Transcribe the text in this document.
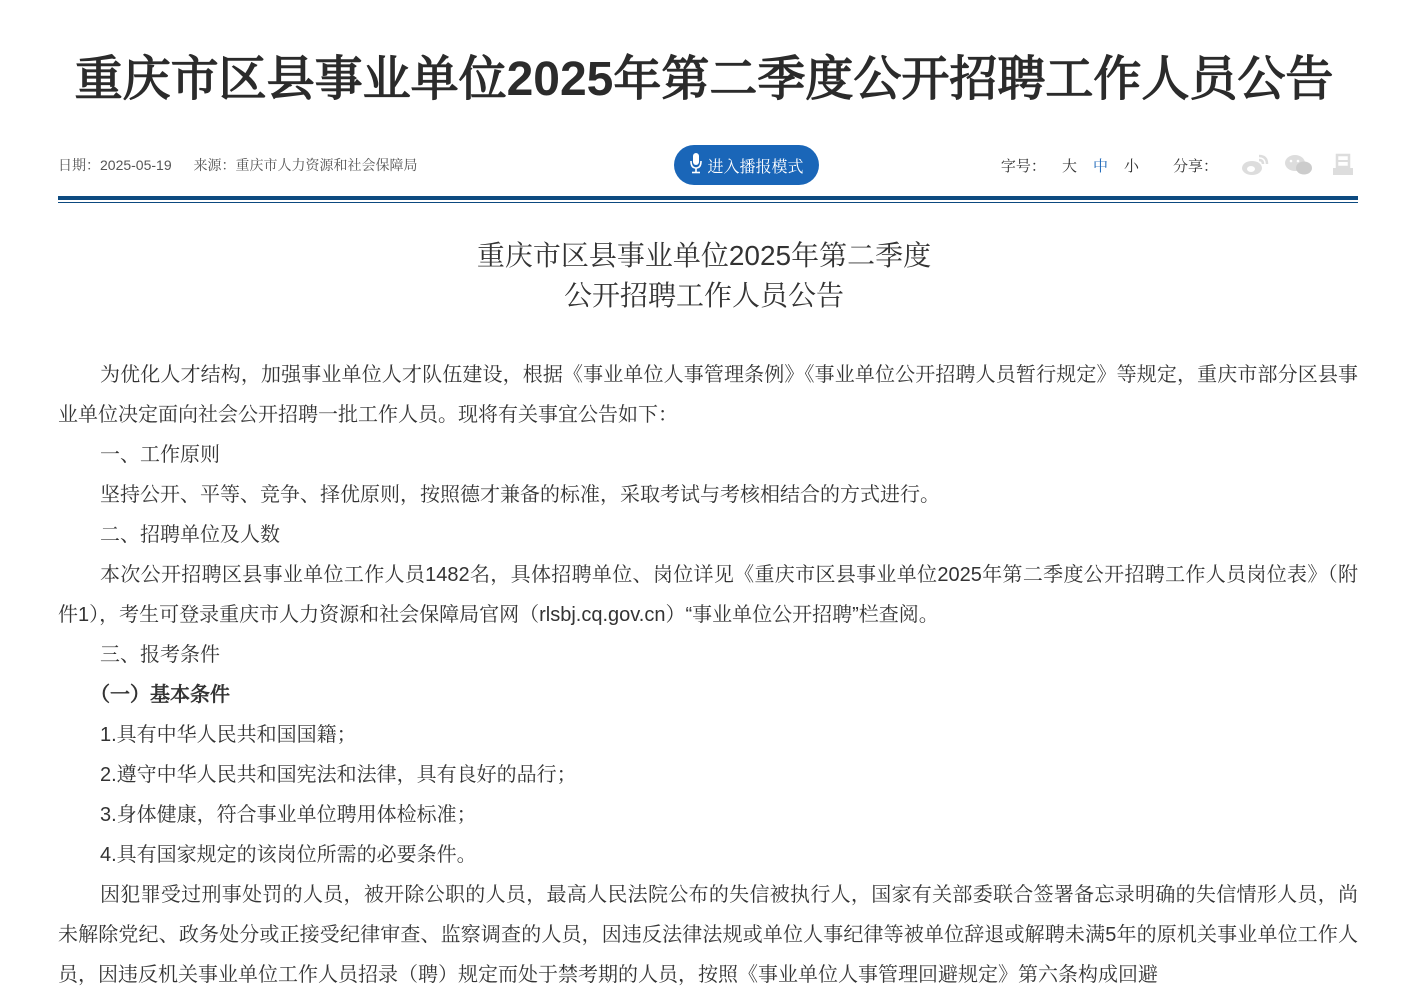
重庆市区县事业单位2025年第二季度公开招聘工作人员公告
日期：2025-05-19 来源：重庆市人力资源和社会保障局	进入播报模式	字号： 大 中 小 分享：
重庆市区县事业单位2025年第二季度
公开招聘工作人员公告

为优化人才结构，加强事业单位人才队伍建设，根据《事业单位人事管理条例》《事业单位公开招聘人员暂行规定》等规定，重庆市部分区县事业单位决定面向社会公开招聘一批工作人员。现将有关事宜公告如下：

一、工作原则

坚持公开、平等、竞争、择优原则，按照德才兼备的标准，采取考试与考核相结合的方式进行。

二、招聘单位及人数

本次公开招聘区县事业单位工作人员1482名，具体招聘单位、岗位详见《重庆市区县事业单位2025年第二季度公开招聘工作人员岗位表》（附件1），考生可登录重庆市人力资源和社会保障局官网（rlsbj.cq.gov.cn）“事业单位公开招聘”栏查阅。

三、报考条件

（一）基本条件

1.具有中华人民共和国国籍；

2.遵守中华人民共和国宪法和法律，具有良好的品行；

3.身体健康，符合事业单位聘用体检标准；

4.具有国家规定的该岗位所需的必要条件。

因犯罪受过刑事处罚的人员，被开除公职的人员，最高人民法院公布的失信被执行人，国家有关部委联合签署备忘录明确的失信情形人员，尚未解除党纪、政务处分或正接受纪律审查、监察调查的人员，因违反法律法规或单位人事纪律等被单位辞退或解聘未满5年的原机关事业单位工作人员，因违反机关事业单位工作人员招录（聘）规定而处于禁考期的人员，按照《事业单位人事管理回避规定》第六条构成回避
